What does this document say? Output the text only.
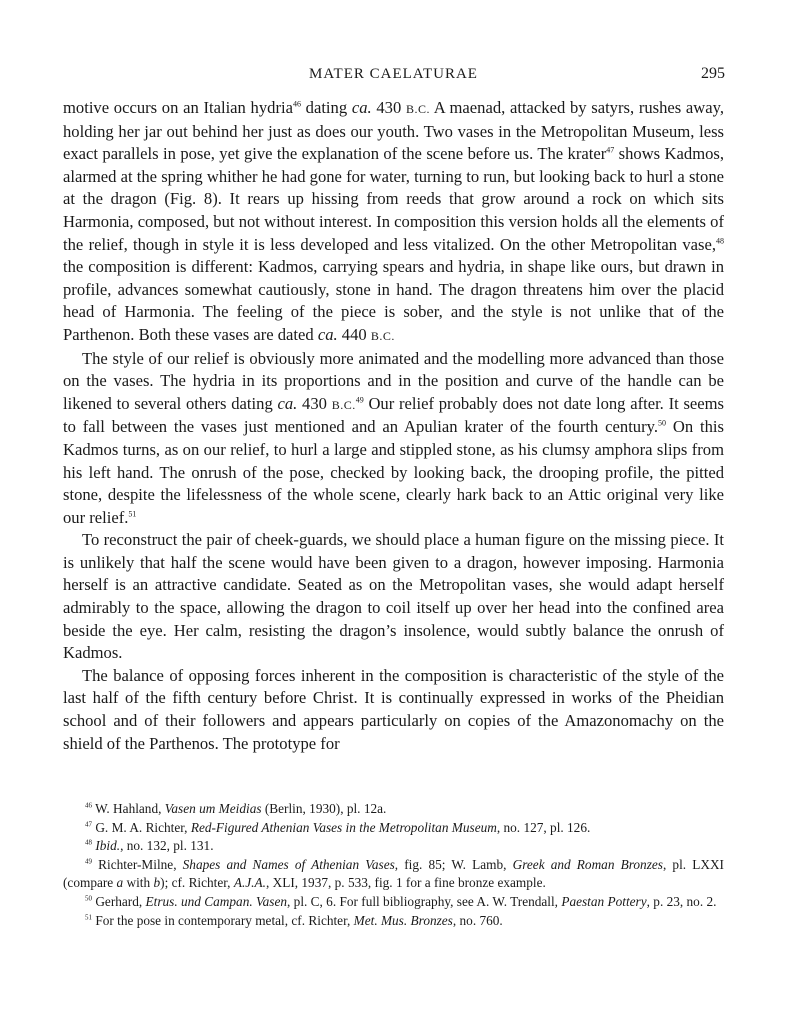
MATER CAELATURAE	295

motive occurs on an Italian hydria$^{46}$ dating ca. 430 B.C. A maenad, attacked by satyrs, rushes away, holding her jar out behind her just as does our youth. Two vases in the Metropolitan Museum, less exact parallels in pose, yet give the explanation of the scene before us. The krater$^{47}$ shows Kadmos, alarmed at the spring whither he had gone for water, turning to run, but looking back to hurl a stone at the dragon (Fig. 8). It rears up hissing from reeds that grow around a rock on which sits Harmonia, composed, but not without interest. In composition this version holds all the elements of the relief, though in style it is less developed and less vitalized. On the other Metropolitan vase,$^{48}$ the composition is different: Kadmos, carrying spears and hydria, in shape like ours, but drawn in profile, advances somewhat cautiously, stone in hand. The dragon threatens him over the placid head of Harmonia. The feeling of the piece is sober, and the style is not unlike that of the Parthenon. Both these vases are dated ca. 440 B.C.

The style of our relief is obviously more animated and the modelling more advanced than those on the vases. The hydria in its proportions and in the position and curve of the handle can be likened to several others dating ca. 430 B.C.$^{49}$ Our relief probably does not date long after. It seems to fall between the vases just mentioned and an Apulian krater of the fourth century.$^{50}$ On this Kadmos turns, as on our relief, to hurl a large and stippled stone, as his clumsy amphora slips from his left hand. The onrush of the pose, checked by looking back, the drooping profile, the pitted stone, despite the lifelessness of the whole scene, clearly hark back to an Attic original very like our relief.$^{51}$

To reconstruct the pair of cheek-guards, we should place a human figure on the missing piece. It is unlikely that half the scene would have been given to a dragon, however imposing. Harmonia herself is an attractive candidate. Seated as on the Metropolitan vases, she would adapt herself admirably to the space, allowing the dragon to coil itself up over her head into the confined area beside the eye. Her calm, resisting the dragon’s insolence, would subtly balance the onrush of Kadmos.

The balance of opposing forces inherent in the composition is characteristic of the style of the last half of the fifth century before Christ. It is continually expressed in works of the Pheidian school and of their followers and appears particularly on copies of the Amazonomachy on the shield of the Parthenos. The prototype for

$^{46}$ W. Hahland, Vasen um Meidias (Berlin, 1930), pl. 12a.

$^{47}$ G. M. A. Richter, Red-Figured Athenian Vases in the Metropolitan Museum, no. 127, pl. 126.

$^{48}$ Ibid., no. 132, pl. 131.

$^{49}$ Richter-Milne, Shapes and Names of Athenian Vases, fig. 85; W. Lamb, Greek and Roman Bronzes, pl. LXXI (compare a with b); cf. Richter, A.J.A., XLI, 1937, p. 533, fig. 1 for a fine bronze example.

$^{50}$ Gerhard, Etrus. und Campan. Vasen, pl. C, 6. For full bibliography, see A. W. Trendall, Paestan Pottery, p. 23, no. 2.

$^{51}$ For the pose in contemporary metal, cf. Richter, Met. Mus. Bronzes, no. 760.
